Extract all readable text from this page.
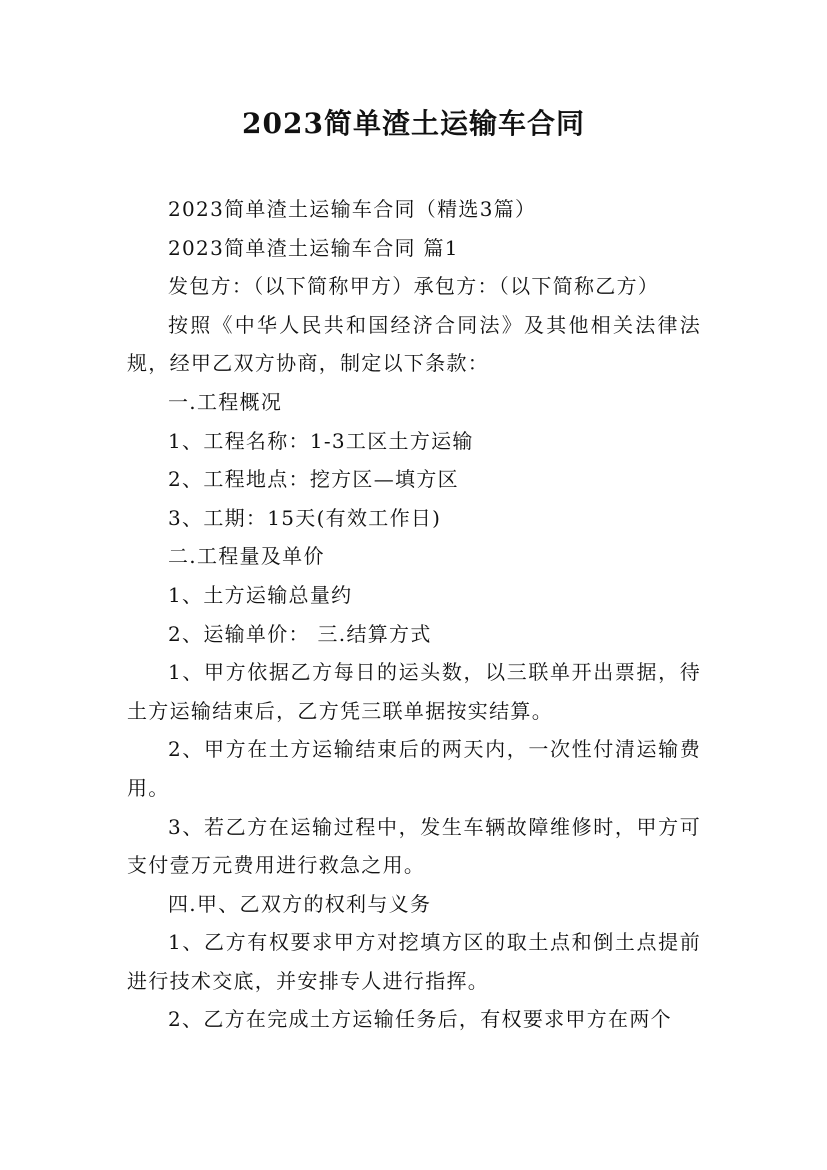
2023简单渣土运输车合同

2023简单渣土运输车合同（精选3篇）

2023简单渣土运输车合同 篇1

发包方：（以下简称甲方）承包方：（以下简称乙方）

按照《中华人民共和国经济合同法》及其他相关法律法规，经甲乙双方协商，制定以下条款：

一.工程概况

1、工程名称：1-3工区土方运输

2、工程地点：挖方区—填方区

3、工期：15天(有效工作日)

二.工程量及单价

1、土方运输总量约

2、运输单价： 三.结算方式

1、甲方依据乙方每日的运头数，以三联单开出票据，待土方运输结束后，乙方凭三联单据按实结算。

2、甲方在土方运输结束后的两天内，一次性付清运输费用。

3、若乙方在运输过程中，发生车辆故障维修时，甲方可支付壹万元费用进行救急之用。

四.甲、乙双方的权利与义务

1、乙方有权要求甲方对挖填方区的取土点和倒土点提前进行技术交底，并安排专人进行指挥。

2、乙方在完成土方运输任务后，有权要求甲方在两个
